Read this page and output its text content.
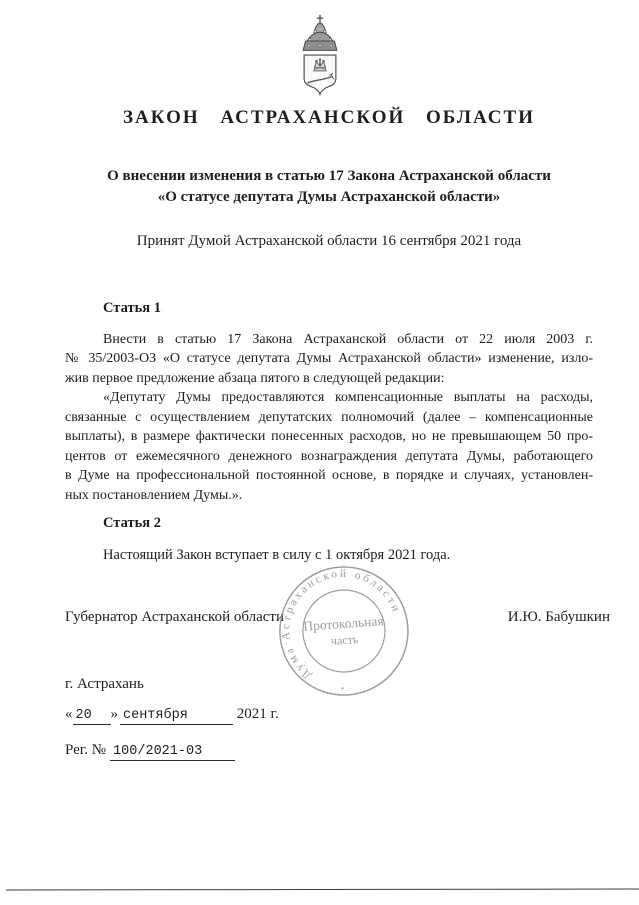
ЗАКОН АСТРАХАНСКОЙ ОБЛАСТИ
О внесении изменения в статью 17 Закона Астраханской области
«О статусе депутата Думы Астраханской области»
Принят Думой Астраханской области 16 сентября 2021 года
Статья 1
Внести в статью 17 Закона Астраханской области от 22 июля 2003 г.
№ 35/2003-ОЗ «О статусе депутата Думы Астраханской области» изменение, изло-
жив первое предложение абзаца пятого в следующей редакции:
«Депутату Думы предоставляются компенсационные выплаты на расходы,
связанные с осуществлением депутатских полномочий (далее – компенсационные
выплаты), в размере фактически понесенных расходов, но не превышающем 50 про-
центов от ежемесячного денежного вознаграждения депутата Думы, работающего
в Думе на профессиональной постоянной основе, в порядке и случаях, установлен-
ных постановлением Думы.».
Статья 2
Настоящий Закон вступает в силу с 1 октября 2021 года.
Губернатор Астраханской области	И.Ю. Бабушкин
Дума Астраханской области
•
Протокольная
часть
г. Астрахань
« 20 » сентября	2021 г.
Рег. № 100/2021-03
